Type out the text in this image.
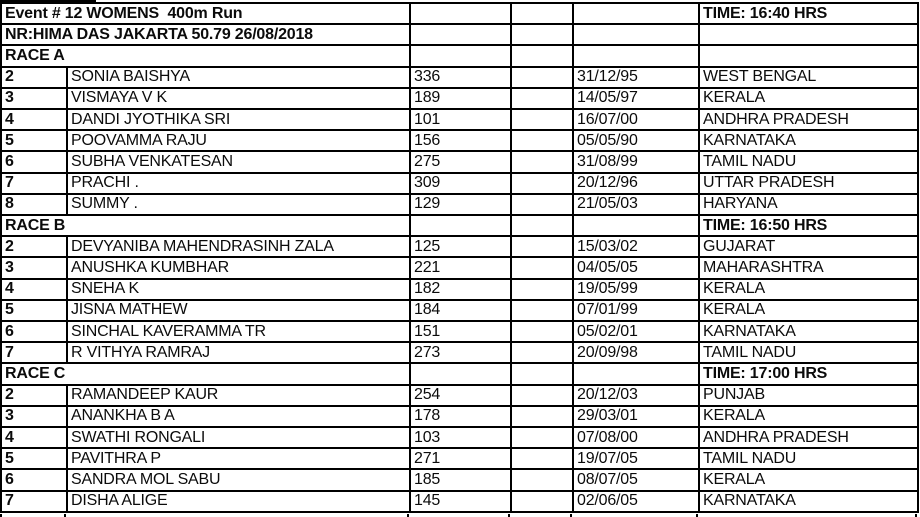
Event # 12 WOMENS  400m Run					TIME: 16:40 HRS
NR:HIMA DAS JAKARTA 50.79 26/08/2018					
RACE A					
2	SONIA BAISHYA	336		31/12/95	WEST BENGAL
3	VISMAYA V K	189		14/05/97	KERALA
4	DANDI JYOTHIKA SRI	101		16/07/00	ANDHRA PRADESH
5	POOVAMMA RAJU	156		05/05/90	KARNATAKA
6	SUBHA VENKATESAN	275		31/08/99	TAMIL NADU
7	PRACHI .	309		20/12/96	UTTAR PRADESH
8	SUMMY .	129		21/05/03	HARYANA
RACE B					TIME: 16:50 HRS
2	DEVYANIBA MAHENDRASINH ZALA	125		15/03/02	GUJARAT
3	ANUSHKA KUMBHAR	221		04/05/05	MAHARASHTRA
4	SNEHA K	182		19/05/99	KERALA
5	JISNA MATHEW	184		07/01/99	KERALA
6	SINCHAL KAVERAMMA TR	151		05/02/01	KARNATAKA
7	R VITHYA RAMRAJ	273		20/09/98	TAMIL NADU
RACE C					TIME: 17:00 HRS
2	RAMANDEEP KAUR	254		20/12/03	PUNJAB
3	ANANKHA B A	178		29/03/01	KERALA
4	SWATHI RONGALI	103		07/08/00	ANDHRA PRADESH
5	PAVITHRA P	271		19/07/05	TAMIL NADU
6	SANDRA MOL SABU	185		08/07/05	KERALA
7	DISHA ALIGE	145		02/06/05	KARNATAKA
